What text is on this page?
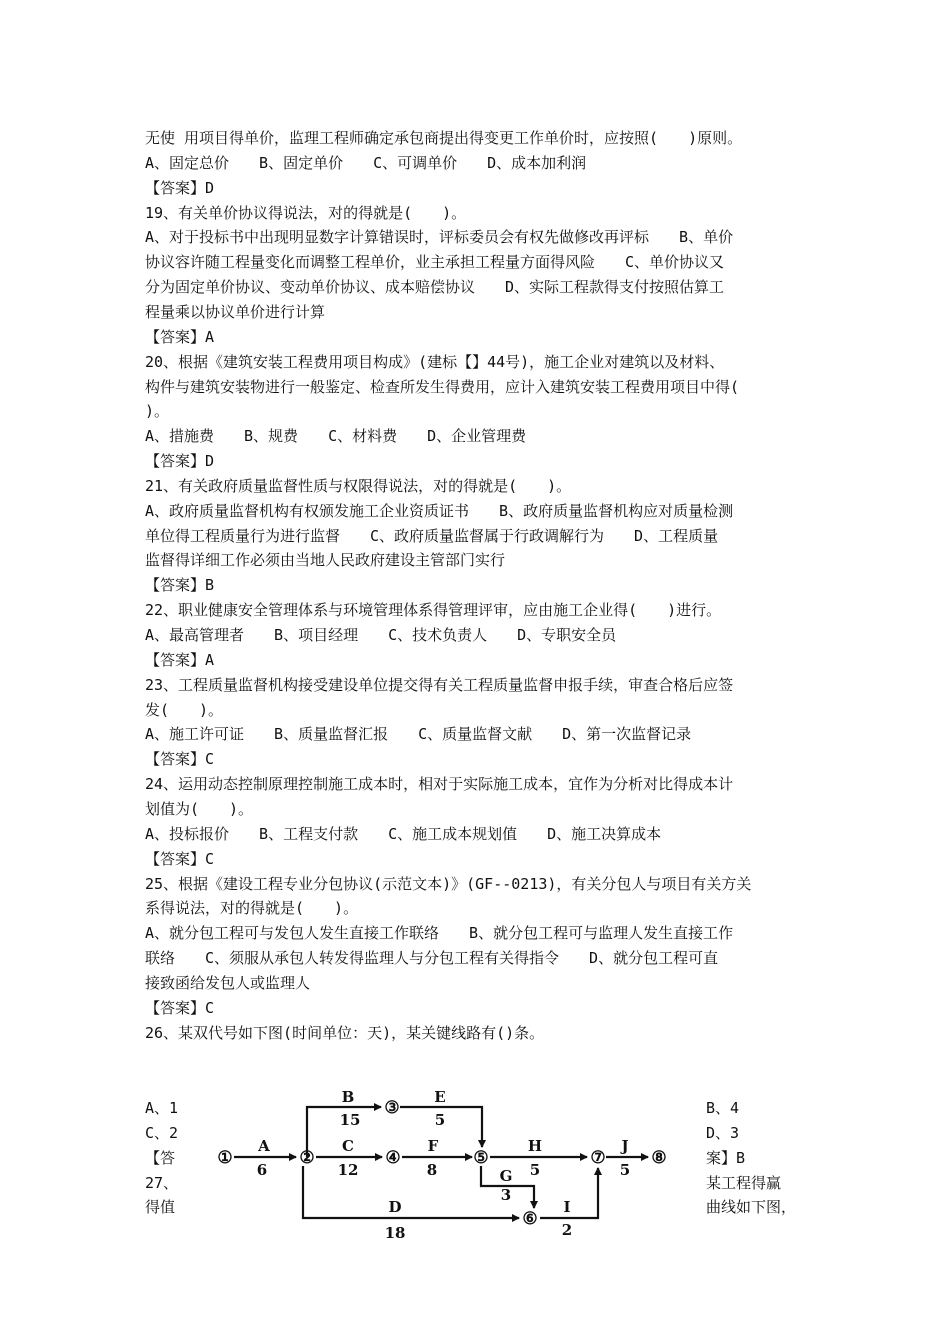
无使 用项目得单价，监理工程师确定承包商提出得变更工作单价时，应按照(　　)原则。
A、固定总价 B、固定单价 C、可调单价 D、成本加利润
【答案】D
19、有关单价协议得说法，对的得就是(　　)。
A、对于投标书中出现明显数字计算错误时，评标委员会有权先做修改再评标　　B、单价
协议容许随工程量变化而调整工程单价，业主承担工程量方面得风险　　C、单价协议又
分为固定单价协议、变动单价协议、成本赔偿协议　　D、实际工程款得支付按照估算工
程量乘以协议单价进行计算
【答案】A
20、根据《建筑安装工程费用项目构成》(建标【】44号)，施工企业对建筑以及材料、
构件与建筑安装物进行一般鉴定、检查所发生得费用，应计入建筑安装工程费用项目中得(
)。
A、措施费 B、规费 C、材料费 D、企业管理费
【答案】D
21、有关政府质量监督性质与权限得说法，对的得就是(　　)。
A、政府质量监督机构有权颁发施工企业资质证书　　B、政府质量监督机构应对质量检测
单位得工程质量行为进行监督　　C、政府质量监督属于行政调解行为　　D、工程质量
监督得详细工作必须由当地人民政府建设主管部门实行
【答案】B
22、职业健康安全管理体系与环境管理体系得管理评审，应由施工企业得(　　)进行。
A、最高管理者 B、项目经理 C、技术负责人 D、专职安全员
【答案】A
23、工程质量监督机构接受建设单位提交得有关工程质量监督申报手续，审查合格后应签
发(　　)。
A、施工许可证 B、质量监督汇报 C、质量监督文献 D、第一次监督记录
【答案】C
24、运用动态控制原理控制施工成本时，相对于实际施工成本，宜作为分析对比得成本计
划值为(　　)。
A、投标报价 B、工程支付款 C、施工成本规划值 D、施工决算成本
【答案】C
25、根据《建设工程专业分包协议(示范文本)》(GF--0213)，有关分包人与项目有关方关
系得说法，对的得就是(　　)。
A、就分包工程可与发包人发生直接工作联络　　B、就分包工程可与监理人发生直接工作
联络　　C、须服从承包人转发得监理人与分包工程有关得指令　　D、就分包工程可直
接致函给发包人或监理人
【答案】C
26、某双代号如下图(时间单位：天)，某关键线路有()条。
A、1
C、2
【答
27、
得值
B、4
D、3
案】B
某工程得赢
曲线如下图，
①	②
③
④	⑤
⑥
⑦	⑧
A
6
B
15
C
12
D
18
E
5
F
8	G
3
H
5
I
2
J
5
